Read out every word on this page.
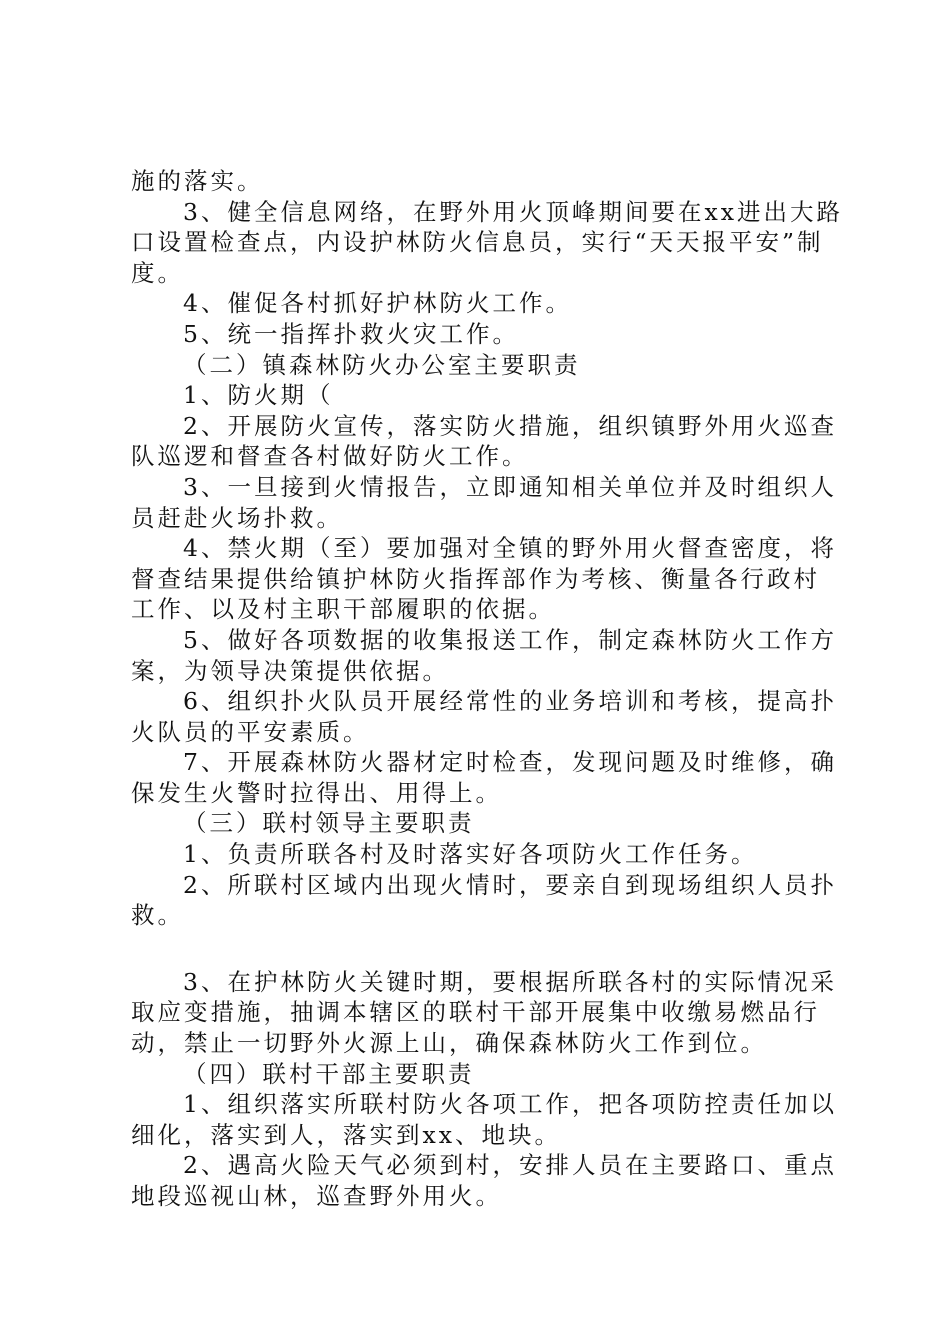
施的落实。

3、健全信息网络，在野外用火顶峰期间要在xx进出大路口设置检查点，内设护林防火信息员，实行“天天报平安”制度。

4、催促各村抓好护林防火工作。

5、统一指挥扑救火灾工作。

（二）镇森林防火办公室主要职责

1、防火期（

2、开展防火宣传，落实防火措施，组织镇野外用火巡查队巡逻和督查各村做好防火工作。

3、一旦接到火情报告，立即通知相关单位并及时组织人员赶赴火场扑救。

4、禁火期（至）要加强对全镇的野外用火督查密度，将督查结果提供给镇护林防火指挥部作为考核、衡量各行政村工作、以及村主职干部履职的依据。

5、做好各项数据的收集报送工作，制定森林防火工作方案，为领导决策提供依据。

6、组织扑火队员开展经常性的业务培训和考核，提高扑火队员的平安素质。

7、开展森林防火器材定时检查，发现问题及时维修，确保发生火警时拉得出、用得上。

（三）联村领导主要职责

1、负责所联各村及时落实好各项防火工作任务。

2、所联村区域内出现火情时，要亲自到现场组织人员扑救。

3、在护林防火关键时期，要根据所联各村的实际情况采取应变措施，抽调本辖区的联村干部开展集中收缴易燃品行动，禁止一切野外火源上山，确保森林防火工作到位。

（四）联村干部主要职责

1、组织落实所联村防火各项工作，把各项防控责任加以细化，落实到人，落实到xx、地块。

2、遇高火险天气必须到村，安排人员在主要路口、重点地段巡视山林，巡查野外用火。
